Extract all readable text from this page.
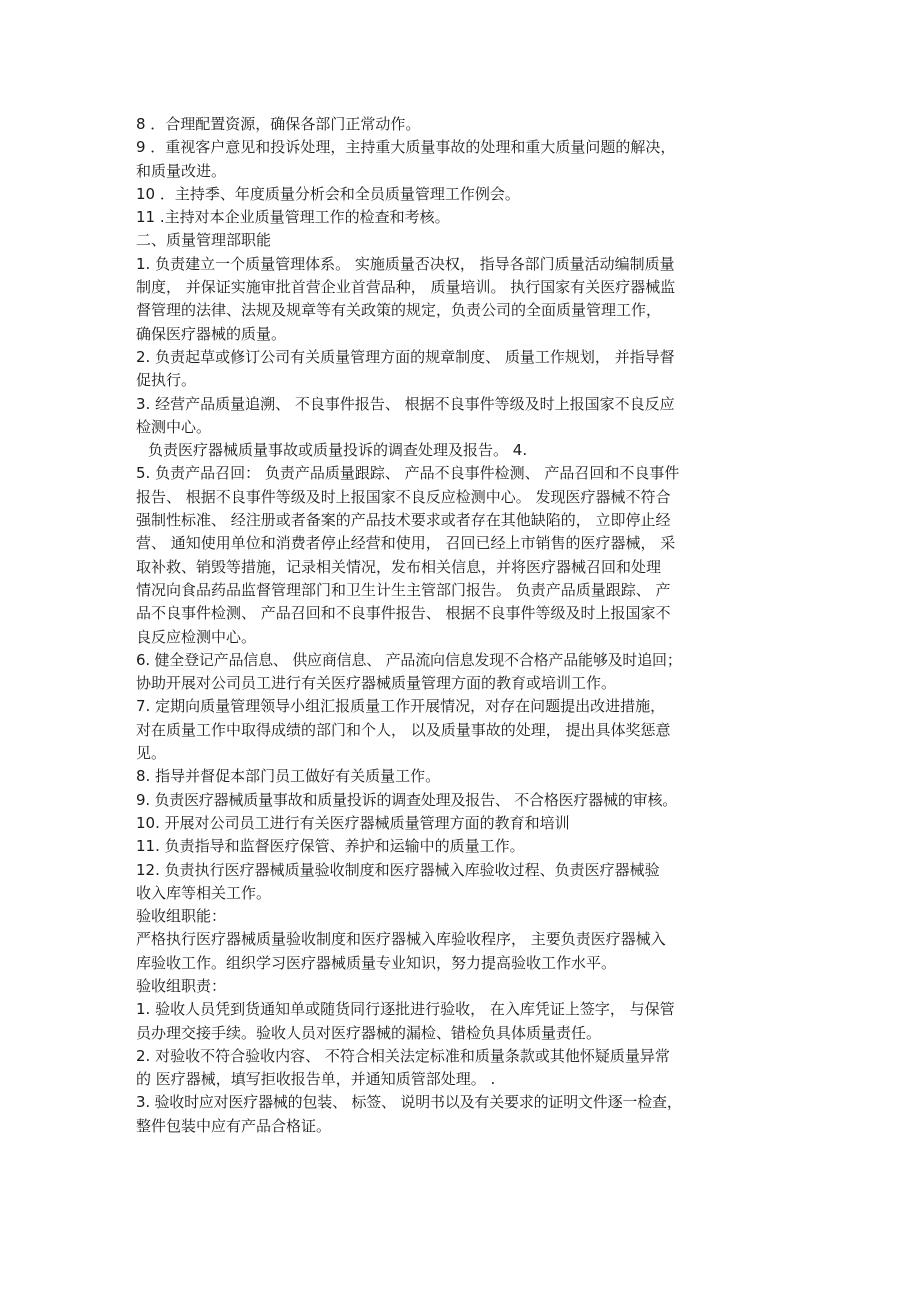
8 ．合理配置资源，确保各部门正常动作。
9 ．重视客户意见和投诉处理，主持重大质量事故的处理和重大质量问题的解决，
和质量改进。
10 ．主持季、年度质量分析会和全员质量管理工作例会。
11 .主持对本企业质量管理工作的检查和考核。
二、质量管理部职能
1. 负责建立一个质量管理体系。 实施质量否决权， 指导各部门质量活动编制质量
制度， 并保证实施审批首营企业首营品种， 质量培训。 执行国家有关医疗器械监
督管理的法律、法规及规章等有关政策的规定，负责公司的全面质量管理工作，
确保医疗器械的质量。
2. 负责起草或修订公司有关质量管理方面的规章制度、 质量工作规划， 并指导督
促执行。
3. 经营产品质量追溯、 不良事件报告、 根据不良事件等级及时上报国家不良反应
检测中心。
负责医疗器械质量事故或质量投诉的调查处理及报告。 4.
5. 负责产品召回： 负责产品质量跟踪、 产品不良事件检测、 产品召回和不良事件
报告、 根据不良事件等级及时上报国家不良反应检测中心。 发现医疗器械不符合
强制性标准、 经注册或者备案的产品技术要求或者存在其他缺陷的， 立即停止经
营、 通知使用单位和消费者停止经营和使用， 召回已经上市销售的医疗器械， 采
取补救、销毁等措施，记录相关情况，发布相关信息，并将医疗器械召回和处理
情况向食品药品监督管理部门和卫生计生主管部门报告。 负责产品质量跟踪、 产
品不良事件检测、 产品召回和不良事件报告、 根据不良事件等级及时上报国家不
良反应检测中心。
6. 健全登记产品信息、 供应商信息、 产品流向信息发现不合格产品能够及时追回；
协助开展对公司员工进行有关医疗器械质量管理方面的教育或培训工作。
7. 定期向质量管理领导小组汇报质量工作开展情况，对存在问题提出改进措施，
对在质量工作中取得成绩的部门和个人， 以及质量事故的处理， 提出具体奖惩意
见。
8. 指导并督促本部门员工做好有关质量工作。
9. 负责医疗器械质量事故和质量投诉的调查处理及报告、 不合格医疗器械的审核。
10. 开展对公司员工进行有关医疗器械质量管理方面的教育和培训
11. 负责指导和监督医疗保管、养护和运输中的质量工作。
12. 负责执行医疗器械质量验收制度和医疗器械入库验收过程、负责医疗器械验
收入库等相关工作。
验收组职能：
严格执行医疗器械质量验收制度和医疗器械入库验收程序， 主要负责医疗器械入
库验收工作。组织学习医疗器械质量专业知识，努力提高验收工作水平。
验收组职责：
1. 验收人员凭到货通知单或随货同行逐批进行验收， 在入库凭证上签字， 与保管
员办理交接手续。验收人员对医疗器械的漏检、错检负具体质量责任。
2. 对验收不符合验收内容、 不符合相关法定标准和质量条款或其他怀疑质量异常
的 医疗器械，填写拒收报告单，并通知质管部处理。 .
3. 验收时应对医疗器械的包装、 标签、 说明书以及有关要求的证明文件逐一检查，
整件包装中应有产品合格证。
